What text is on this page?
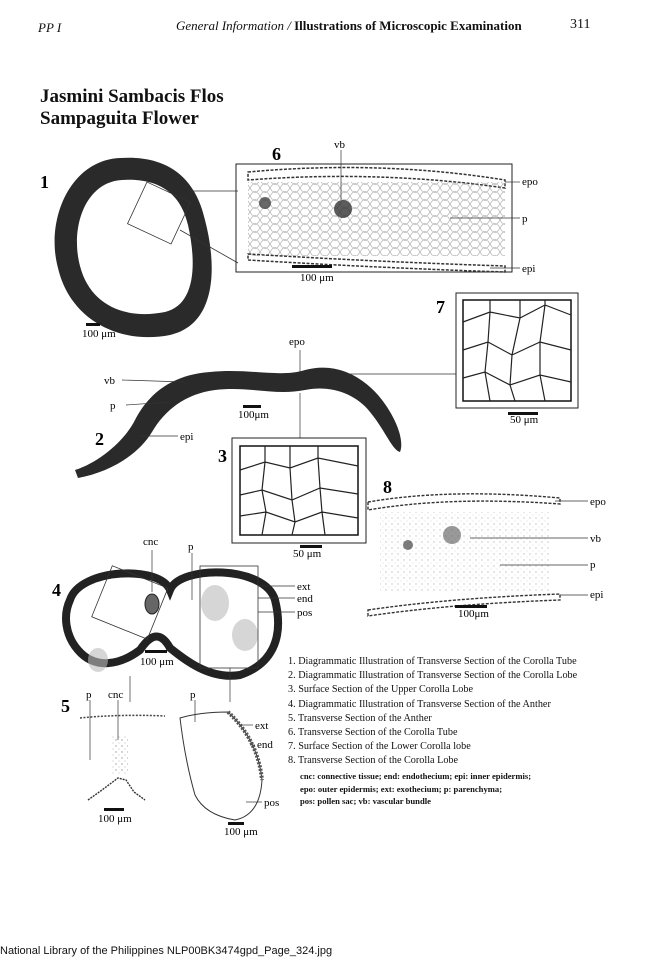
PP I	General Information / Illustrations of Microscopic Examination	311
Jasmini Sambacis Flos
Sampaguita Flower
1
2
3
4
5
6
7
8
100 μm
100μm
50 μm
100 μm
100 μm
100 μm
100 μm
50 μm
100μm
vb
epo
p
epi
epo
vb
p
epi
epo
vb
p
epi
cnc	p
ext
end
pos
p cnc	p
ext
end
pos
1. Diagrammatic Illustration of Transverse Section of the Corolla Tube
2. Diagrammatic Illustration of Transverse Section of the Corolla Lobe
3. Surface Section of the Upper Corolla Lobe
4. Diagrammatic Illustration of Transverse Section of the Anther
5. Transverse Section of the Anther
6. Transverse Section of the Corolla Tube
7. Surface Section of the Lower Corolla lobe
8. Transverse Section of the Corolla Lobe
cnc: connective tissue; end: endothecium; epi: inner epidermis;
epo: outer epidermis; ext: exothecium; p: parenchyma;
pos: pollen sac; vb: vascular bundle
National Library of the Philippines NLP00BK3474gpd_Page_324.jpg
